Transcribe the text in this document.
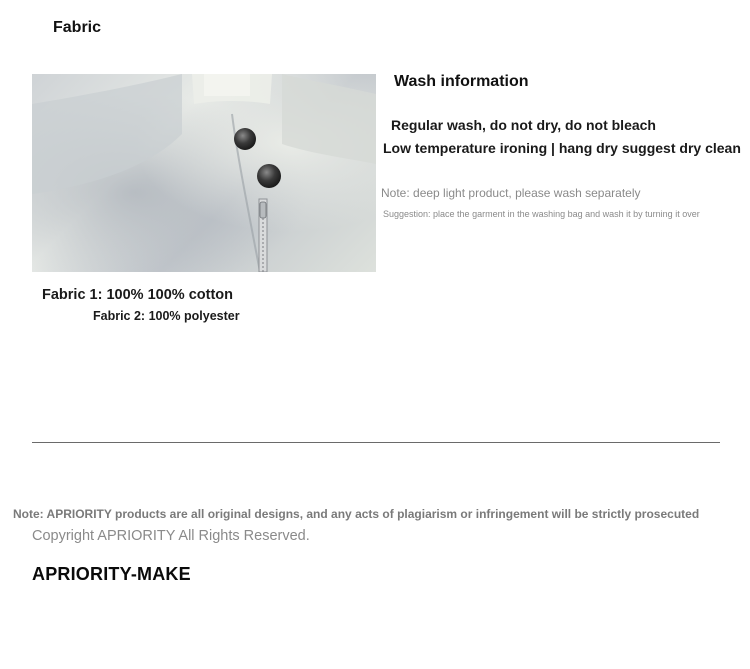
Fabric
Fabric 1: 100% 100% cotton
Fabric 2: 100% polyester
Wash information
Regular wash, do not dry, do not bleach
Low temperature ironing | hang dry suggest dry clean
Note: deep light product, please wash separately
Suggestion: place the garment in the washing bag and wash it by turning it over
Note: APRIORITY products are all original designs, and any acts of plagiarism or infringement will be strictly prosecuted
Copyright APRIORITY All Rights Reserved.
APRIORITY-MAKE
